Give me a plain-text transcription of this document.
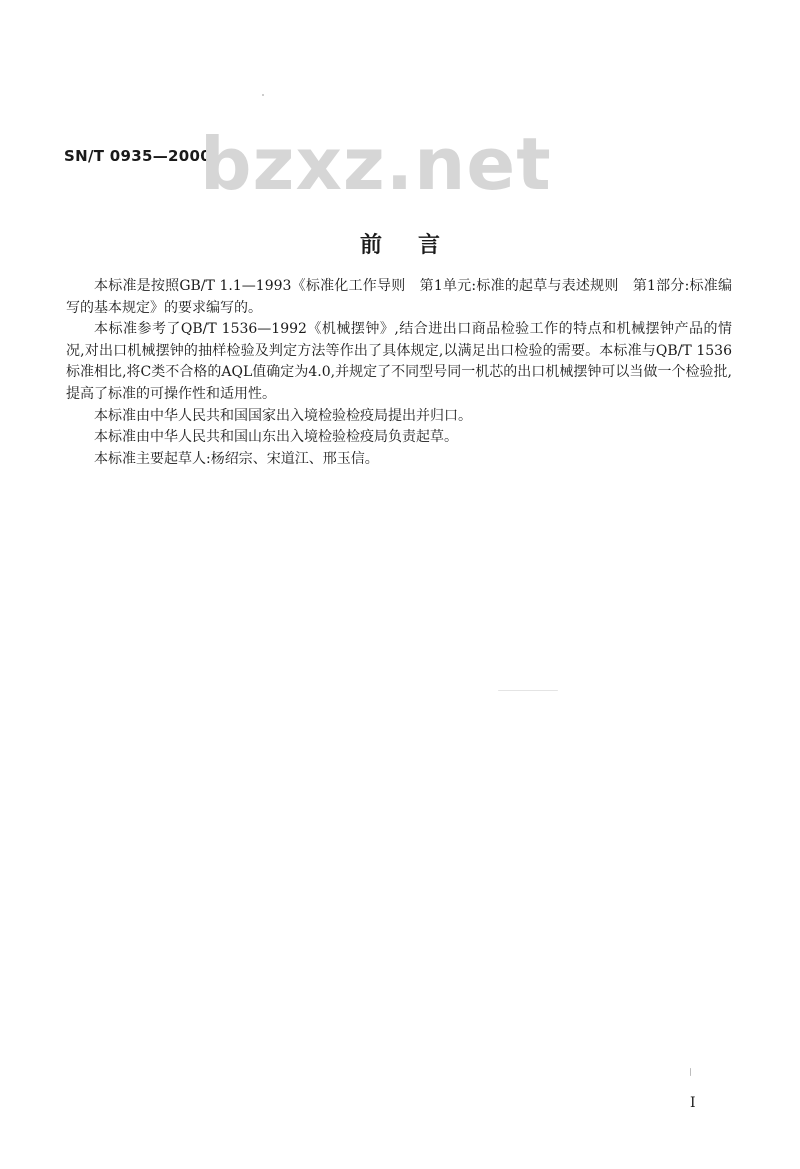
SN/T 0935—2000
bzxz.net
前言

本标准是按照GB/T 1.1—1993《标准化工作导则　第1单元:标准的起草与表述规则　第1部分:标准编写的基本规定》的要求编写的。

本标准参考了QB/T 1536—1992《机械摆钟》,结合进出口商品检验工作的特点和机械摆钟产品的情况,对出口机械摆钟的抽样检验及判定方法等作出了具体规定,以满足出口检验的需要。本标准与QB/T 1536标准相比,将C类不合格的AQL值确定为4.0,并规定了不同型号同一机芯的出口机械摆钟可以当做一个检验批,提高了标准的可操作性和适用性。

本标准由中华人民共和国国家出入境检验检疫局提出并归口。

本标准由中华人民共和国山东出入境检验检疫局负责起草。

本标准主要起草人:杨绍宗、宋道江、邢玉信。

I
